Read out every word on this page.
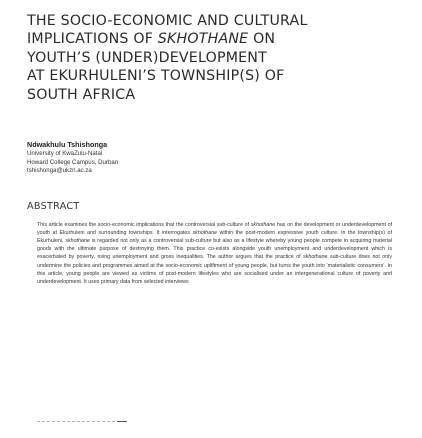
THE SOCIO-ECONOMIC AND CULTURAL
IMPLICATIONS OF SKHOTHANE ON
YOUTH’S (UNDER)DEVELOPMENT
AT EKURHULENI’S TOWNSHIP(S) OF
SOUTH AFRICA
Ndwakhulu Tshishonga
University of KwaZulu-Natal
Howard College Campus, Durban
tshishonga@ukzn.ac.za
ABSTRACT
This article examines the socio-economic implications that the controversial sub-culture of skhothane has on the development or underdevelopment of youth at Ekurhuleni and surrounding townships. It interrogates skhothane within the post-modern expressive youth culture. In the township(s) of Ekurhuleni, skhothane is regarded not only as a controversial sub-culture but also as a lifestyle whereby young people compete in acquiring material goods with the ultimate purpose of destroying them. This practice co-exists alongside youth unemployment and underdevelopment which is exacerbated by poverty, rising unemployment and gross inequalities. The author argues that the practice of skhothane sub-culture does not only undermine the policies and programmes aimed at the socio-economic upliftment of young people, but turns the youth into ‘materialistic consumers’. In this article, young people are viewed as victims of post-modern lifestyles who are socialised under an intergenerational culture of poverty and underdevelopment. It uses primary data from selected interviews
